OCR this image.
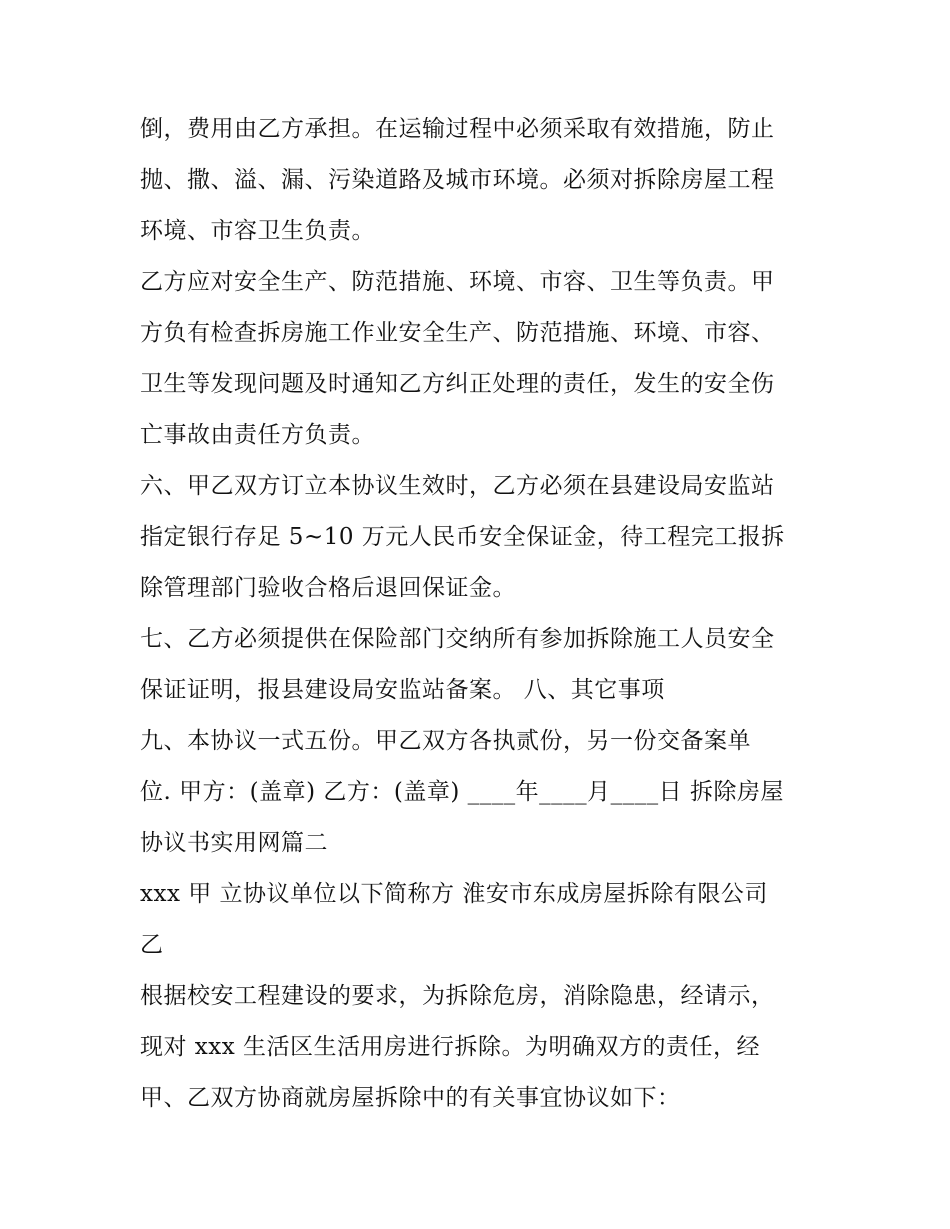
倒，费用由乙方承担。在运输过程中必须采取有效措施，防止
抛、撒、溢、漏、污染道路及城市环境。必须对拆除房屋工程
环境、市容卫生负责。
乙方应对安全生产、防范措施、环境、市容、卫生等负责。甲
方负有检查拆房施工作业安全生产、防范措施、环境、市容、
卫生等发现问题及时通知乙方纠正处理的责任，发生的安全伤
亡事故由责任方负责。
六、甲乙双方订立本协议生效时，乙方必须在县建设局安监站
指定银行存足 5~10 万元人民币安全保证金，待工程完工报拆
除管理部门验收合格后退回保证金。
七、乙方必须提供在保险部门交纳所有参加拆除施工人员安全
保证证明，报县建设局安监站备案。 八、其它事项
九、本协议一式五份。甲乙双方各执贰份，另一份交备案单
位. 甲方：(盖章) 乙方：(盖章) ____年____月____日 拆除房屋
协议书实用网篇二
xxx 甲 立协议单位以下简称方 淮安市东成房屋拆除有限公司
乙
根据校安工程建设的要求，为拆除危房，消除隐患，经请示，
现对 xxx 生活区生活用房进行拆除。为明确双方的责任，经
甲、乙双方协商就房屋拆除中的有关事宜协议如下：
